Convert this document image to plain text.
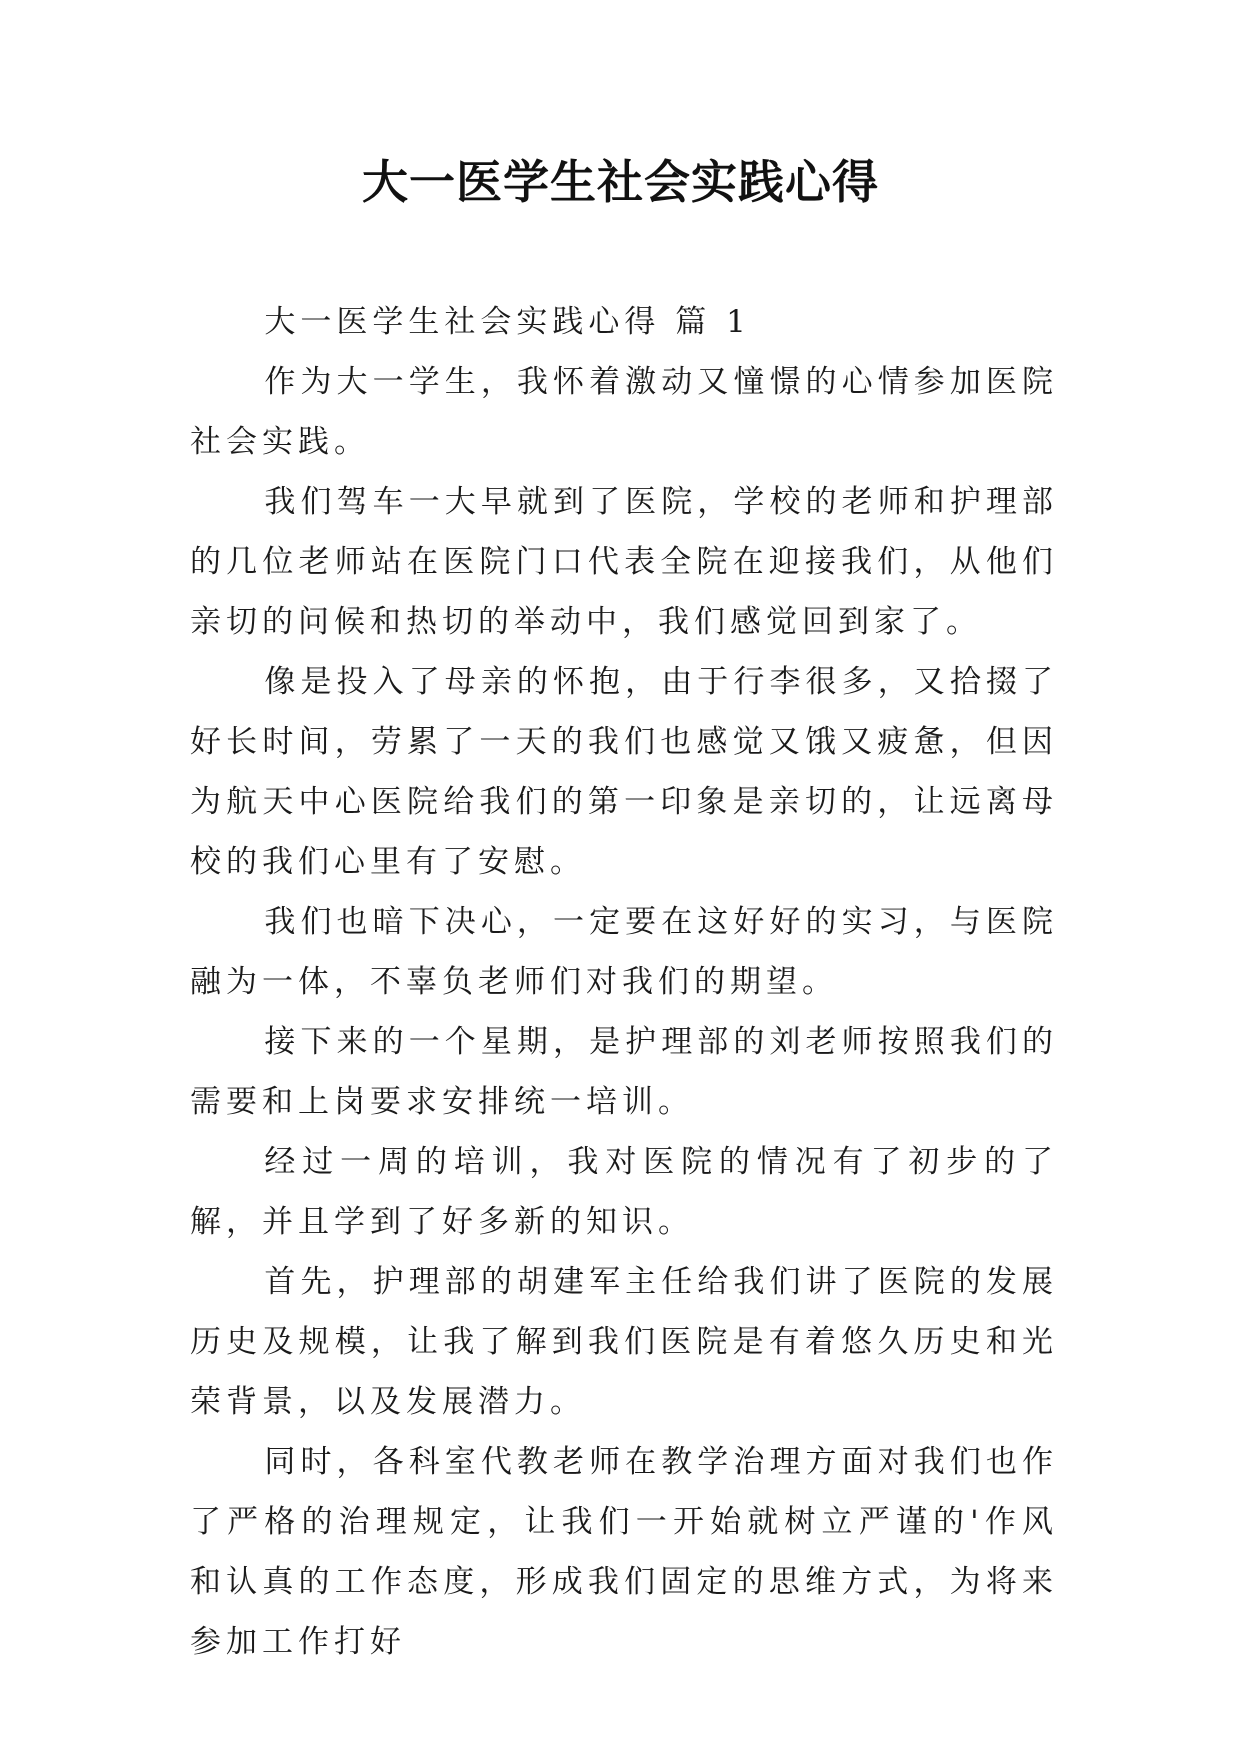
大一医学生社会实践心得

大一医学生社会实践心得 篇 1

作为大一学生，我怀着激动又憧憬的心情参加医院社会实践。

我们驾车一大早就到了医院，学校的老师和护理部的几位老师站在医院门口代表全院在迎接我们，从他们亲切的问候和热切的举动中，我们感觉回到家了。

像是投入了母亲的怀抱，由于行李很多，又拾掇了好长时间，劳累了一天的我们也感觉又饿又疲惫，但因为航天中心医院给我们的第一印象是亲切的，让远离母校的我们心里有了安慰。

我们也暗下决心，一定要在这好好的实习，与医院融为一体，不辜负老师们对我们的期望。

接下来的一个星期，是护理部的刘老师按照我们的需要和上岗要求安排统一培训。

经过一周的培训，我对医院的情况有了初步的了解，并且学到了好多新的知识。

首先，护理部的胡建军主任给我们讲了医院的发展历史及规模，让我了解到我们医院是有着悠久历史和光荣背景，以及发展潜力。

同时，各科室代教老师在教学治理方面对我们也作了严格的治理规定，让我们一开始就树立严谨的'作风和认真的工作态度，形成我们固定的思维方式，为将来参加工作打好
